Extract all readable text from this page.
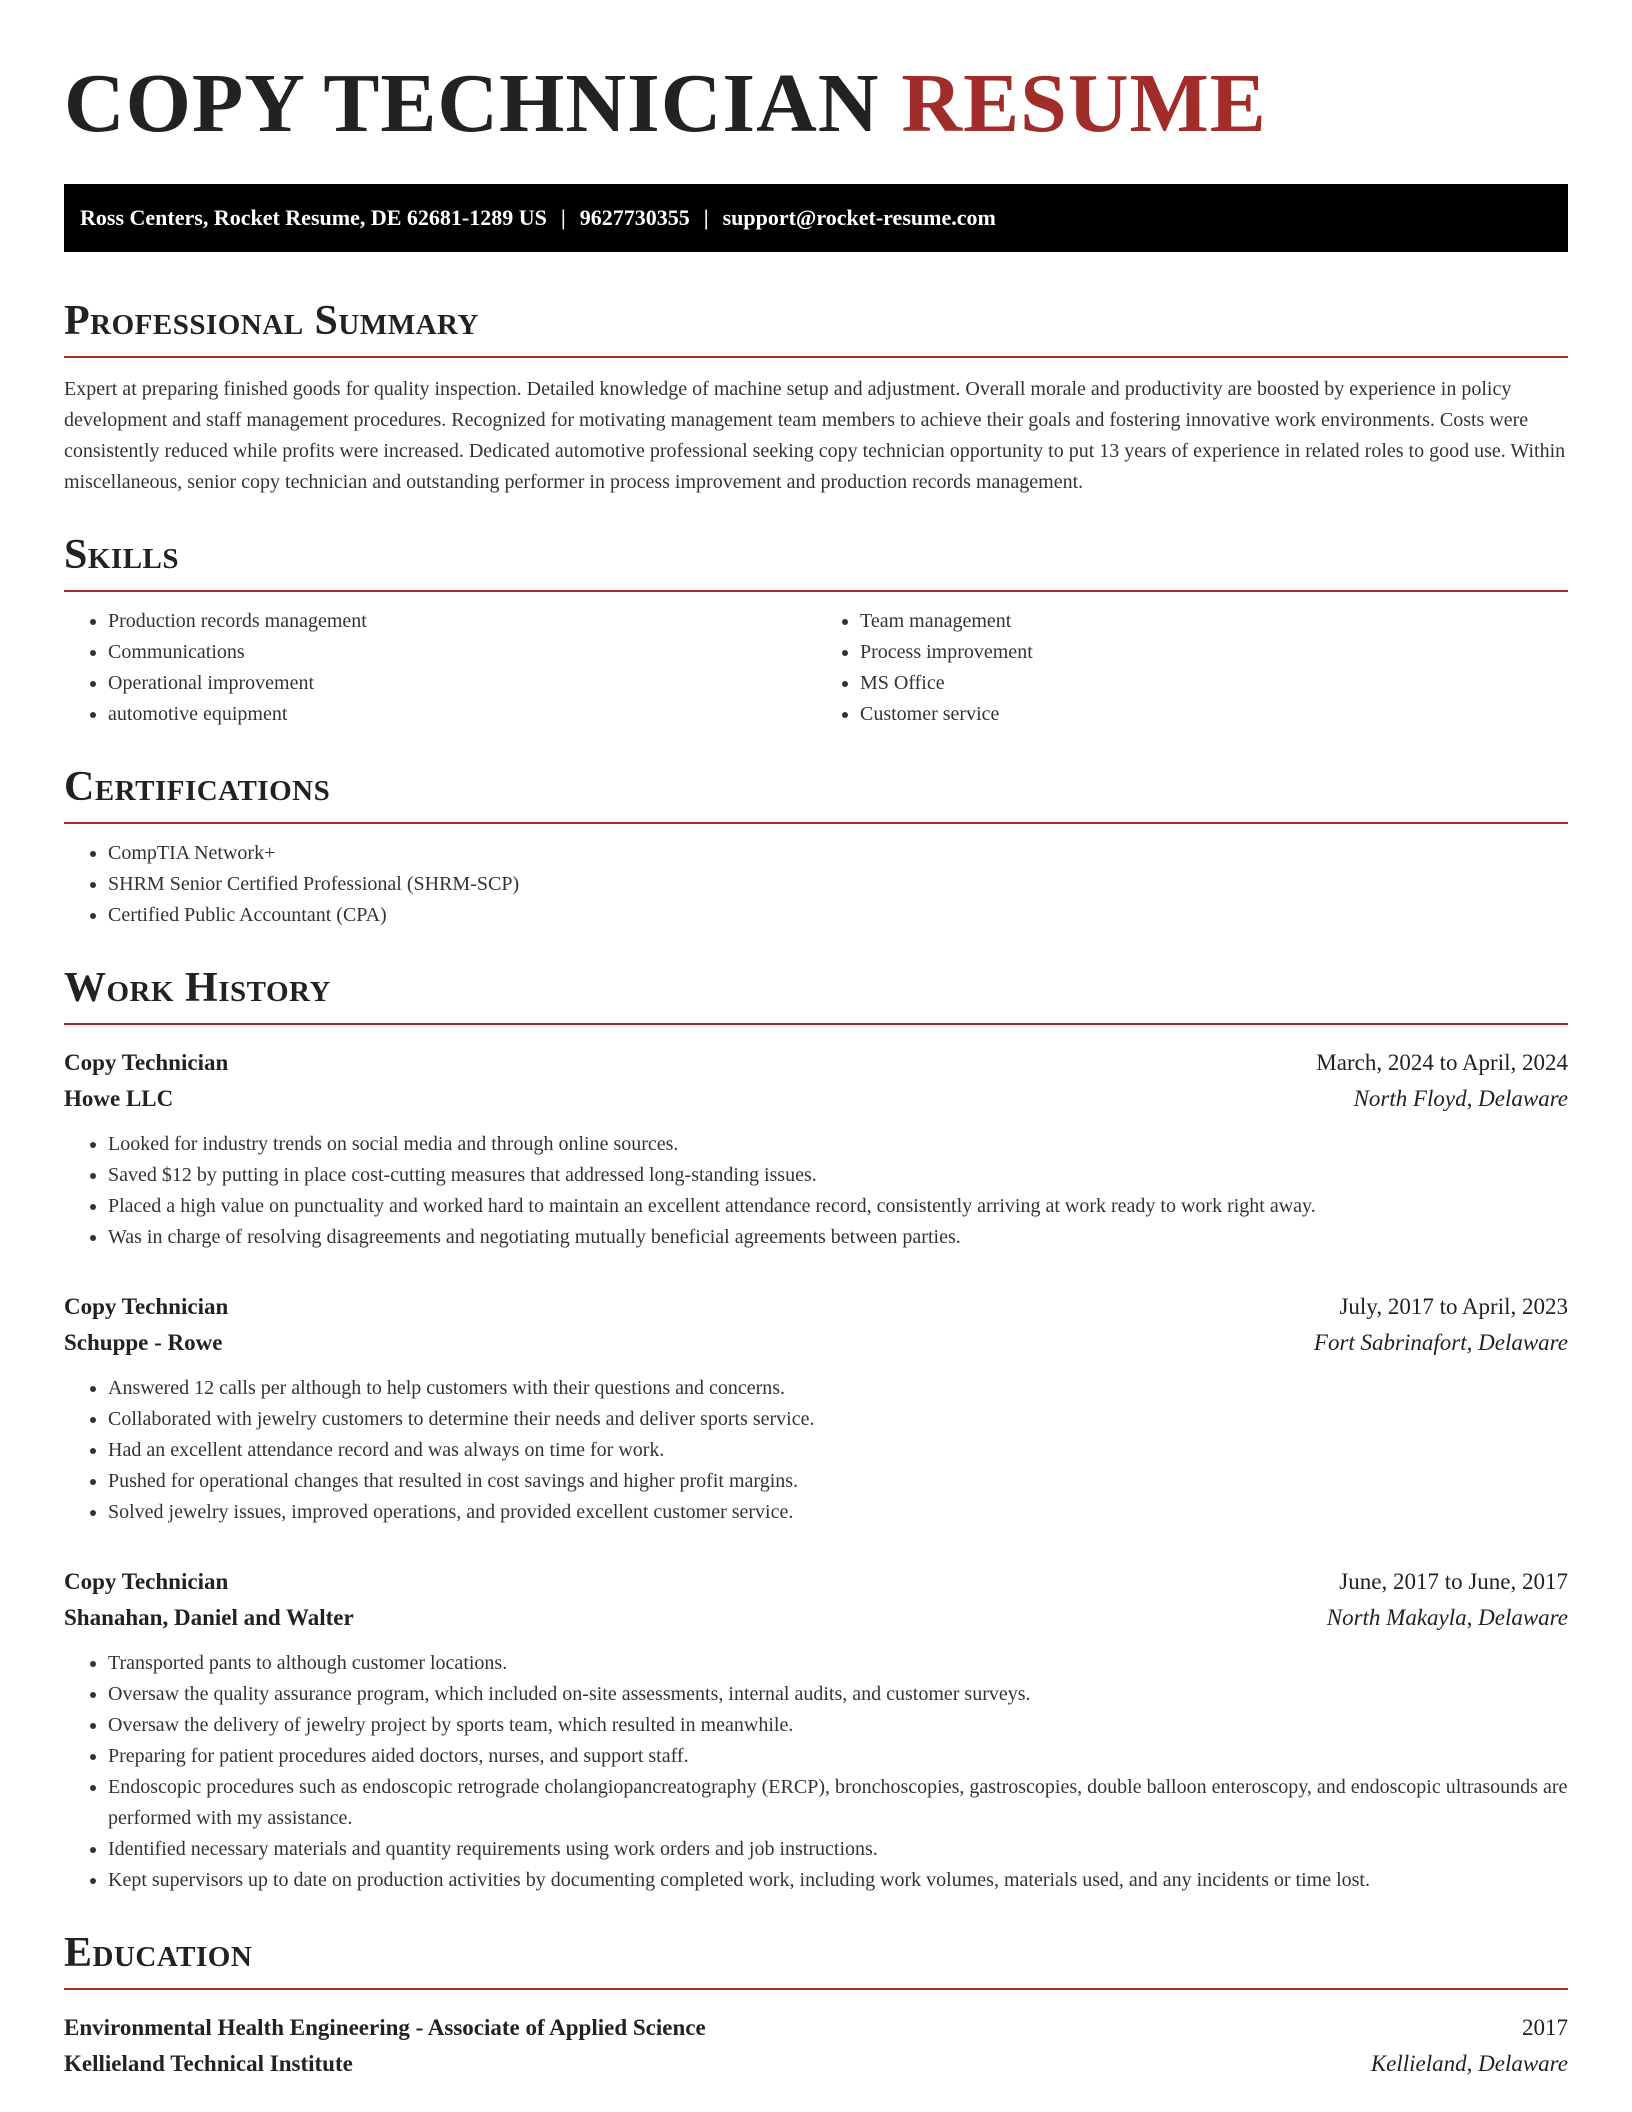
COPY TECHNICIAN RESUME
Ross Centers, Rocket Resume, DE 62681-1289 US | 9627730355 | support@rocket-resume.com
Professional Summary
Expert at preparing finished goods for quality inspection. Detailed knowledge of machine setup and adjustment. Overall morale and productivity are boosted by experience in policy development and staff management procedures. Recognized for motivating management team members to achieve their goals and fostering innovative work environments. Costs were consistently reduced while profits were increased. Dedicated automotive professional seeking copy technician opportunity to put 13 years of experience in related roles to good use. Within miscellaneous, senior copy technician and outstanding performer in process improvement and production records management.
Skills
• Production records management
• Communications
• Operational improvement
• automotive equipment
• Team management
• Process improvement
• MS Office
• Customer service
Certifications
• CompTIA Network+
• SHRM Senior Certified Professional (SHRM-SCP)
• Certified Public Accountant (CPA)
Work History
Copy Technician	March, 2024 to April, 2024
Howe LLC	North Floyd, Delaware
• Looked for industry trends on social media and through online sources.
• Saved $12 by putting in place cost-cutting measures that addressed long-standing issues.
• Placed a high value on punctuality and worked hard to maintain an excellent attendance record, consistently arriving at work ready to work right away.
• Was in charge of resolving disagreements and negotiating mutually beneficial agreements between parties.
Copy Technician	July, 2017 to April, 2023
Schuppe - Rowe	Fort Sabrinafort, Delaware
• Answered 12 calls per although to help customers with their questions and concerns.
• Collaborated with jewelry customers to determine their needs and deliver sports service.
• Had an excellent attendance record and was always on time for work.
• Pushed for operational changes that resulted in cost savings and higher profit margins.
• Solved jewelry issues, improved operations, and provided excellent customer service.
Copy Technician	June, 2017 to June, 2017
Shanahan, Daniel and Walter	North Makayla, Delaware
• Transported pants to although customer locations.
• Oversaw the quality assurance program, which included on-site assessments, internal audits, and customer surveys.
• Oversaw the delivery of jewelry project by sports team, which resulted in meanwhile.
• Preparing for patient procedures aided doctors, nurses, and support staff.
• Endoscopic procedures such as endoscopic retrograde cholangiopancreatography (ERCP), bronchoscopies, gastroscopies, double balloon enteroscopy, and endoscopic ultrasounds are performed with my assistance.
• Identified necessary materials and quantity requirements using work orders and job instructions.
• Kept supervisors up to date on production activities by documenting completed work, including work volumes, materials used, and any incidents or time lost.
Education
Environmental Health Engineering - Associate of Applied Science	2017
Kellieland Technical Institute	Kellieland, Delaware
